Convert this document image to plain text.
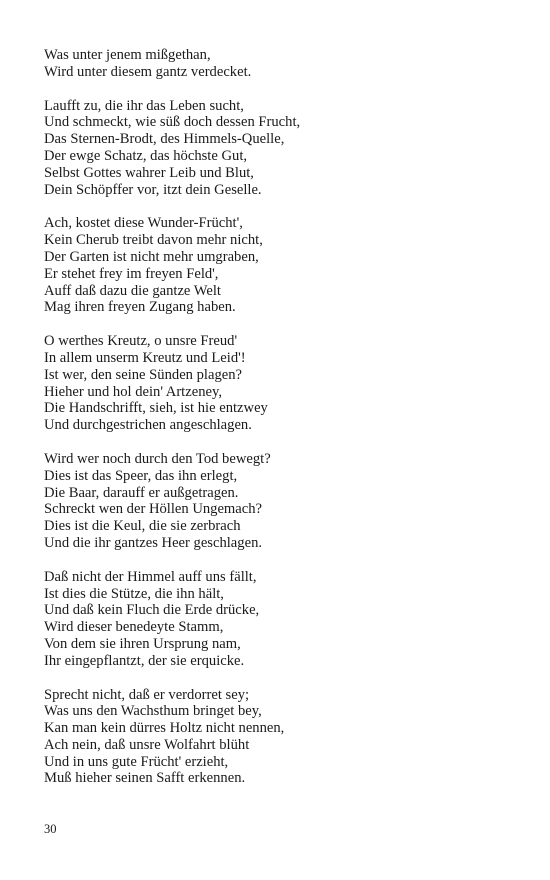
Was unter jenem mißgethan,
Wird unter diesem gantz verdecket.
Laufft zu, die ihr das Leben sucht,
Und schmeckt, wie süß doch dessen Frucht,
Das Sternen-Brodt, des Himmels-Quelle,
Der ewge Schatz, das höchste Gut,
Selbst Gottes wahrer Leib und Blut,
Dein Schöpffer vor, itzt dein Geselle.
Ach, kostet diese Wunder-Frücht',
Kein Cherub treibt davon mehr nicht,
Der Garten ist nicht mehr umgraben,
Er stehet frey im freyen Feld',
Auff daß dazu die gantze Welt
Mag ihren freyen Zugang haben.
O werthes Kreutz, o unsre Freud'
In allem unserm Kreutz und Leid'!
Ist wer, den seine Sünden plagen?
Hieher und hol dein' Artzeney,
Die Handschrifft, sieh, ist hie entzwey
Und durchgestrichen angeschlagen.
Wird wer noch durch den Tod bewegt?
Dies ist das Speer, das ihn erlegt,
Die Baar, darauff er außgetragen.
Schreckt wen der Höllen Ungemach?
Dies ist die Keul, die sie zerbrach
Und die ihr gantzes Heer geschlagen.
Daß nicht der Himmel auff uns fällt,
Ist dies die Stütze, die ihn hält,
Und daß kein Fluch die Erde drücke,
Wird dieser benedeyte Stamm,
Von dem sie ihren Ursprung nam,
Ihr eingepflantzt, der sie erquicke.
Sprecht nicht, daß er verdorret sey;
Was uns den Wachsthum bringet bey,
Kan man kein dürres Holtz nicht nennen,
Ach nein, daß unsre Wolfahrt blüht
Und in uns gute Frücht' erzieht,
Muß hieher seinen Safft erkennen.
30
